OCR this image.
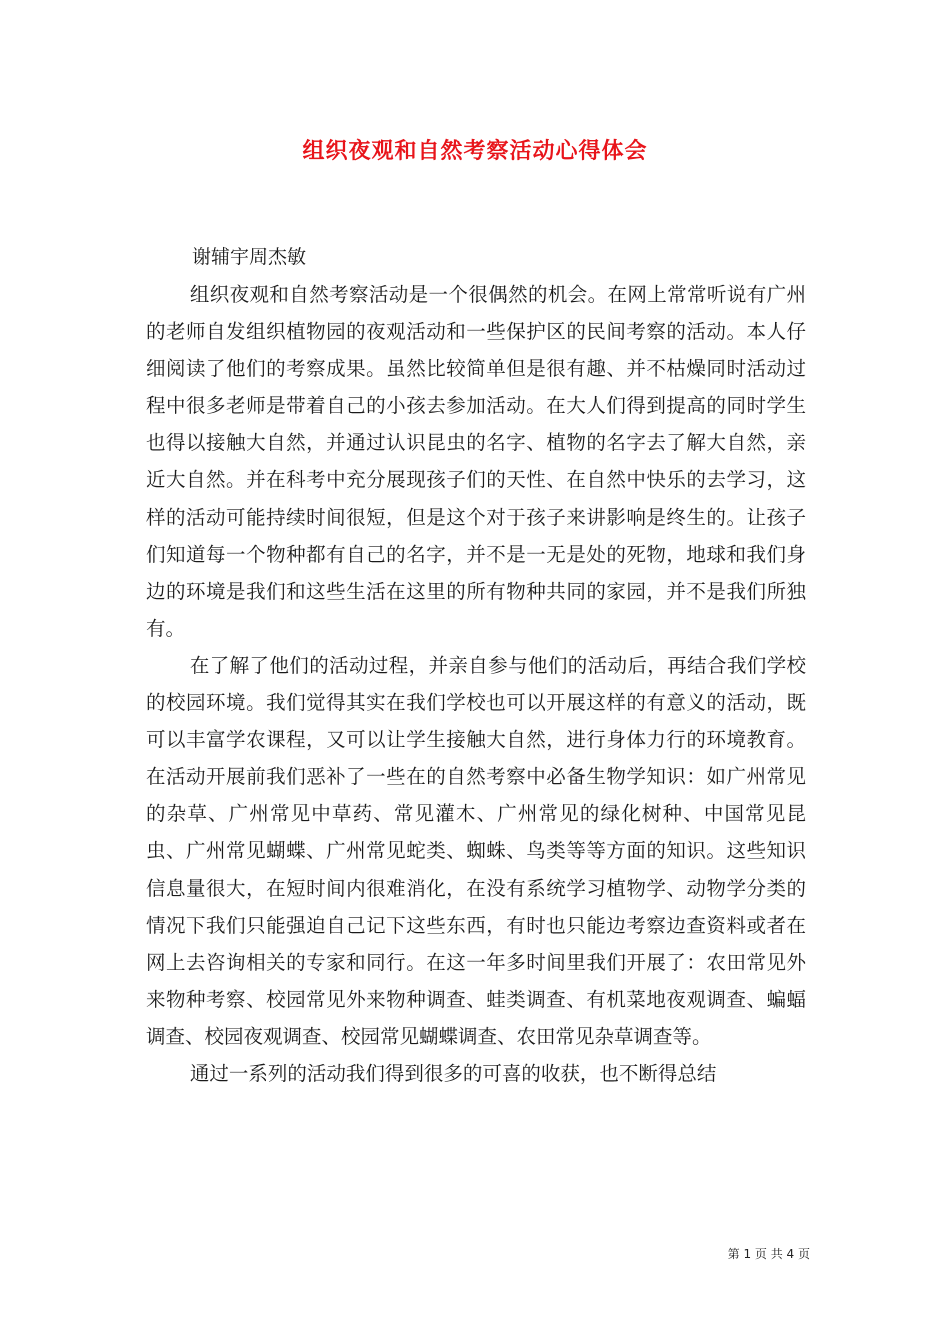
组织夜观和自然考察活动心得体会
谢辅宇周杰敏

组织夜观和自然考察活动是一个很偶然的机会。在网上常常听说有广州的老师自发组织植物园的夜观活动和一些保护区的民间考察的活动。本人仔细阅读了他们的考察成果。虽然比较简单但是很有趣、并不枯燥同时活动过程中很多老师是带着自己的小孩去参加活动。在大人们得到提高的同时学生也得以接触大自然，并通过认识昆虫的名字、植物的名字去了解大自然，亲近大自然。并在科考中充分展现孩子们的天性、在自然中快乐的去学习，这样的活动可能持续时间很短，但是这个对于孩子来讲影响是终生的。让孩子们知道每一个物种都有自己的名字，并不是一无是处的死物，地球和我们身边的环境是我们和这些生活在这里的所有物种共同的家园，并不是我们所独有。

在了解了他们的活动过程，并亲自参与他们的活动后，再结合我们学校的校园环境。我们觉得其实在我们学校也可以开展这样的有意义的活动，既可以丰富学农课程，又可以让学生接触大自然，进行身体力行的环境教育。在活动开展前我们恶补了一些在的自然考察中必备生物学知识：如广州常见的杂草、广州常见中草药、常见灌木、广州常见的绿化树种、中国常见昆虫、广州常见蝴蝶、广州常见蛇类、蜘蛛、鸟类等等方面的知识。这些知识信息量很大，在短时间内很难消化，在没有系统学习植物学、动物学分类的情况下我们只能强迫自己记下这些东西，有时也只能边考察边查资料或者在网上去咨询相关的专家和同行。在这一年多时间里我们开展了：农田常见外来物种考察、校园常见外来物种调查、蛙类调查、有机菜地夜观调查、蝙蝠调查、校园夜观调查、校园常见蝴蝶调查、农田常见杂草调查等。

通过一系列的活动我们得到很多的可喜的收获，也不断得总结

第 1 页 共 4 页
